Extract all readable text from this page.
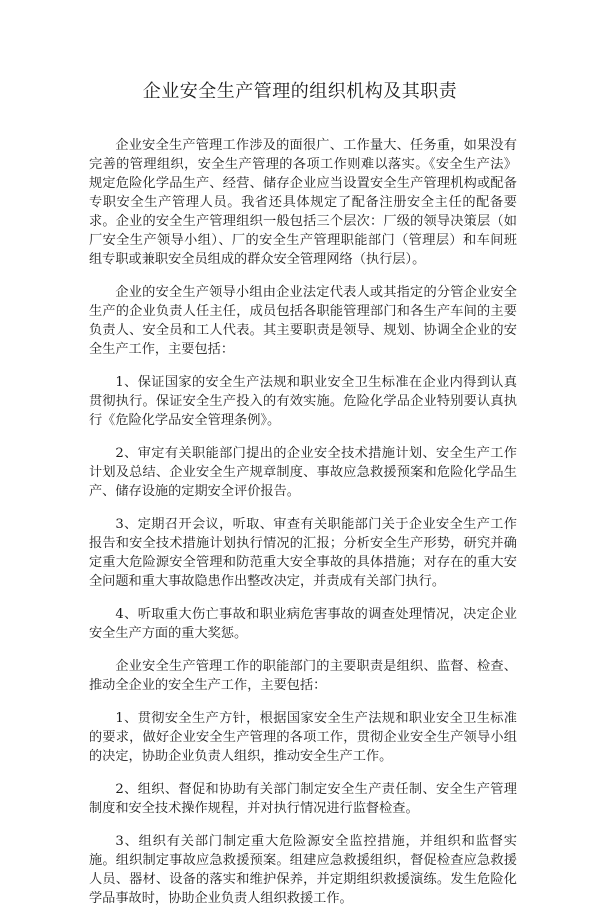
企业安全生产管理的组织机构及其职责

企业安全生产管理工作涉及的面很广、工作量大、任务重，如果没有完善的管理组织，安全生产管理的各项工作则难以落实。《安全生产法》规定危险化学品生产、经营、储存企业应当设置安全生产管理机构或配备专职安全生产管理人员。我省还具体规定了配备注册安全主任的配备要求。企业的安全生产管理组织一般包括三个层次：厂级的领导决策层（如厂安全生产领导小组）、厂的安全生产管理职能部门（管理层）和车间班组专职或兼职安全员组成的群众安全管理网络（执行层）。

企业的安全生产领导小组由企业法定代表人或其指定的分管企业安全生产的企业负责人任主任，成员包括各职能管理部门和各生产车间的主要负责人、安全员和工人代表。其主要职责是领导、规划、协调全企业的安全生产工作，主要包括：

1、保证国家的安全生产法规和职业安全卫生标准在企业内得到认真贯彻执行。保证安全生产投入的有效实施。危险化学品企业特别要认真执行《危险化学品安全管理条例》。

2、审定有关职能部门提出的企业安全技术措施计划、安全生产工作计划及总结、企业安全生产规章制度、事故应急救援预案和危险化学品生产、储存设施的定期安全评价报告。

3、定期召开会议，听取、审查有关职能部门关于企业安全生产工作报告和安全技术措施计划执行情况的汇报；分析安全生产形势，研究并确定重大危险源安全管理和防范重大安全事故的具体措施；对存在的重大安全问题和重大事故隐患作出整改决定，并责成有关部门执行。

4、听取重大伤亡事故和职业病危害事故的调查处理情况，决定企业安全生产方面的重大奖惩。

企业安全生产管理工作的职能部门的主要职责是组织、监督、检查、推动全企业的安全生产工作，主要包括：

1、贯彻安全生产方针，根据国家安全生产法规和职业安全卫生标准的要求，做好企业安全生产管理的各项工作，贯彻企业安全生产领导小组的决定，协助企业负责人组织，推动安全生产工作。

2、组织、督促和协助有关部门制定安全生产责任制、安全生产管理制度和安全技术操作规程，并对执行情况进行监督检查。

3、组织有关部门制定重大危险源安全监控措施，并组织和监督实施。组织制定事故应急救援预案。组建应急救援组织，督促检查应急救援人员、器材、设备的落实和维护保养，并定期组织救援演练。发生危险化学品事故时，协助企业负责人组织救援工作。
